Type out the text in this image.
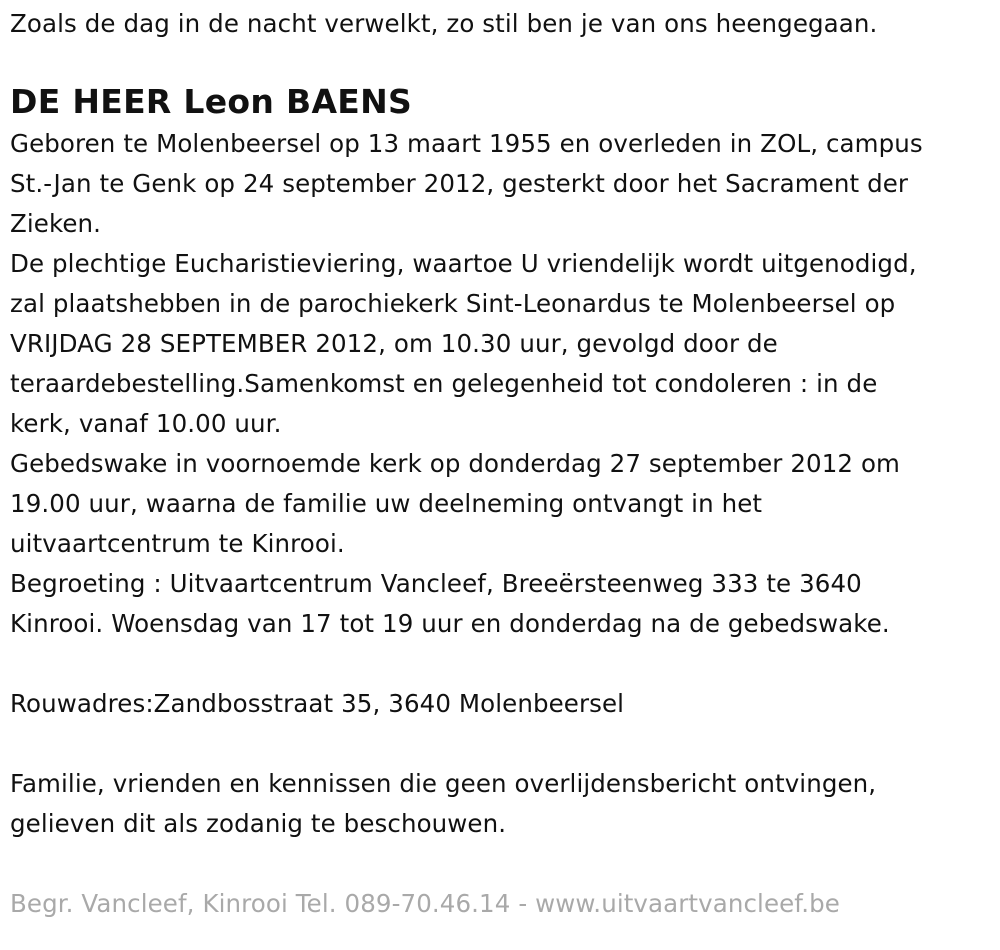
Zoals de dag in de nacht verwelkt, zo stil ben je van ons heengegaan.

DE HEER Leon BAENS

Geboren te Molenbeersel op 13 maart 1955 en overleden in ZOL, campus

St.-Jan te Genk op 24 september 2012, gesterkt door het Sacrament der

Zieken.

De plechtige Eucharistieviering, waartoe U vriendelijk wordt uitgenodigd,

zal plaatshebben in de parochiekerk Sint-Leonardus te Molenbeersel op

VRIJDAG 28 SEPTEMBER 2012, om 10.30 uur, gevolgd door de

teraardebestelling.Samenkomst en gelegenheid tot condoleren : in de

kerk, vanaf 10.00 uur.

Gebedswake in voornoemde kerk op donderdag 27 september 2012 om

19.00 uur, waarna de familie uw deelneming ontvangt in het

uitvaartcentrum te Kinrooi.

Begroeting : Uitvaartcentrum Vancleef, Breeërsteenweg 333 te 3640

Kinrooi. Woensdag van 17 tot 19 uur en donderdag na de gebedswake.

Rouwadres:Zandbosstraat 35, 3640 Molenbeersel

Familie, vrienden en kennissen die geen overlijdensbericht ontvingen,

gelieven dit als zodanig te beschouwen.

Begr. Vancleef, Kinrooi Tel. 089-70.46.14 - www.uitvaartvancleef.be
